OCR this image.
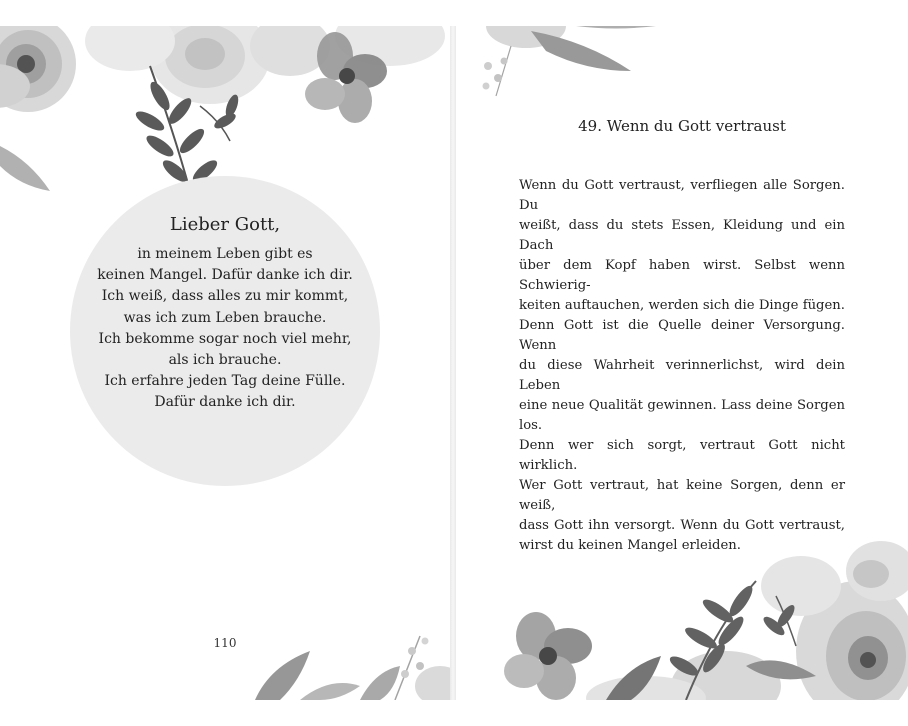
Lieber Gott,
in meinem Leben gibt es
keinen Mangel. Dafür danke ich dir.
Ich weiß, dass alles zu mir kommt,
was ich zum Leben brauche.
Ich bekomme sogar noch viel mehr,
als ich brauche.
Ich erfahre jeden Tag deine Fülle.
Dafür danke ich dir.
110
49. Wenn du Gott vertraust
Wenn du Gott vertraust, verfliegen alle Sorgen. Du
weißt, dass du stets Essen, Kleidung und ein Dach
über dem Kopf haben wirst. Selbst wenn Schwierig-
keiten auftauchen, werden sich die Dinge fügen.
Denn Gott ist die Quelle deiner Versorgung. Wenn
du diese Wahrheit verinnerlichst, wird dein Leben
eine neue Qualität gewinnen. Lass deine Sorgen los.
Denn wer sich sorgt, vertraut Gott nicht wirklich.
Wer Gott vertraut, hat keine Sorgen, denn er weiß,
dass Gott ihn versorgt. Wenn du Gott vertraust,
wirst du keinen Mangel erleiden.
